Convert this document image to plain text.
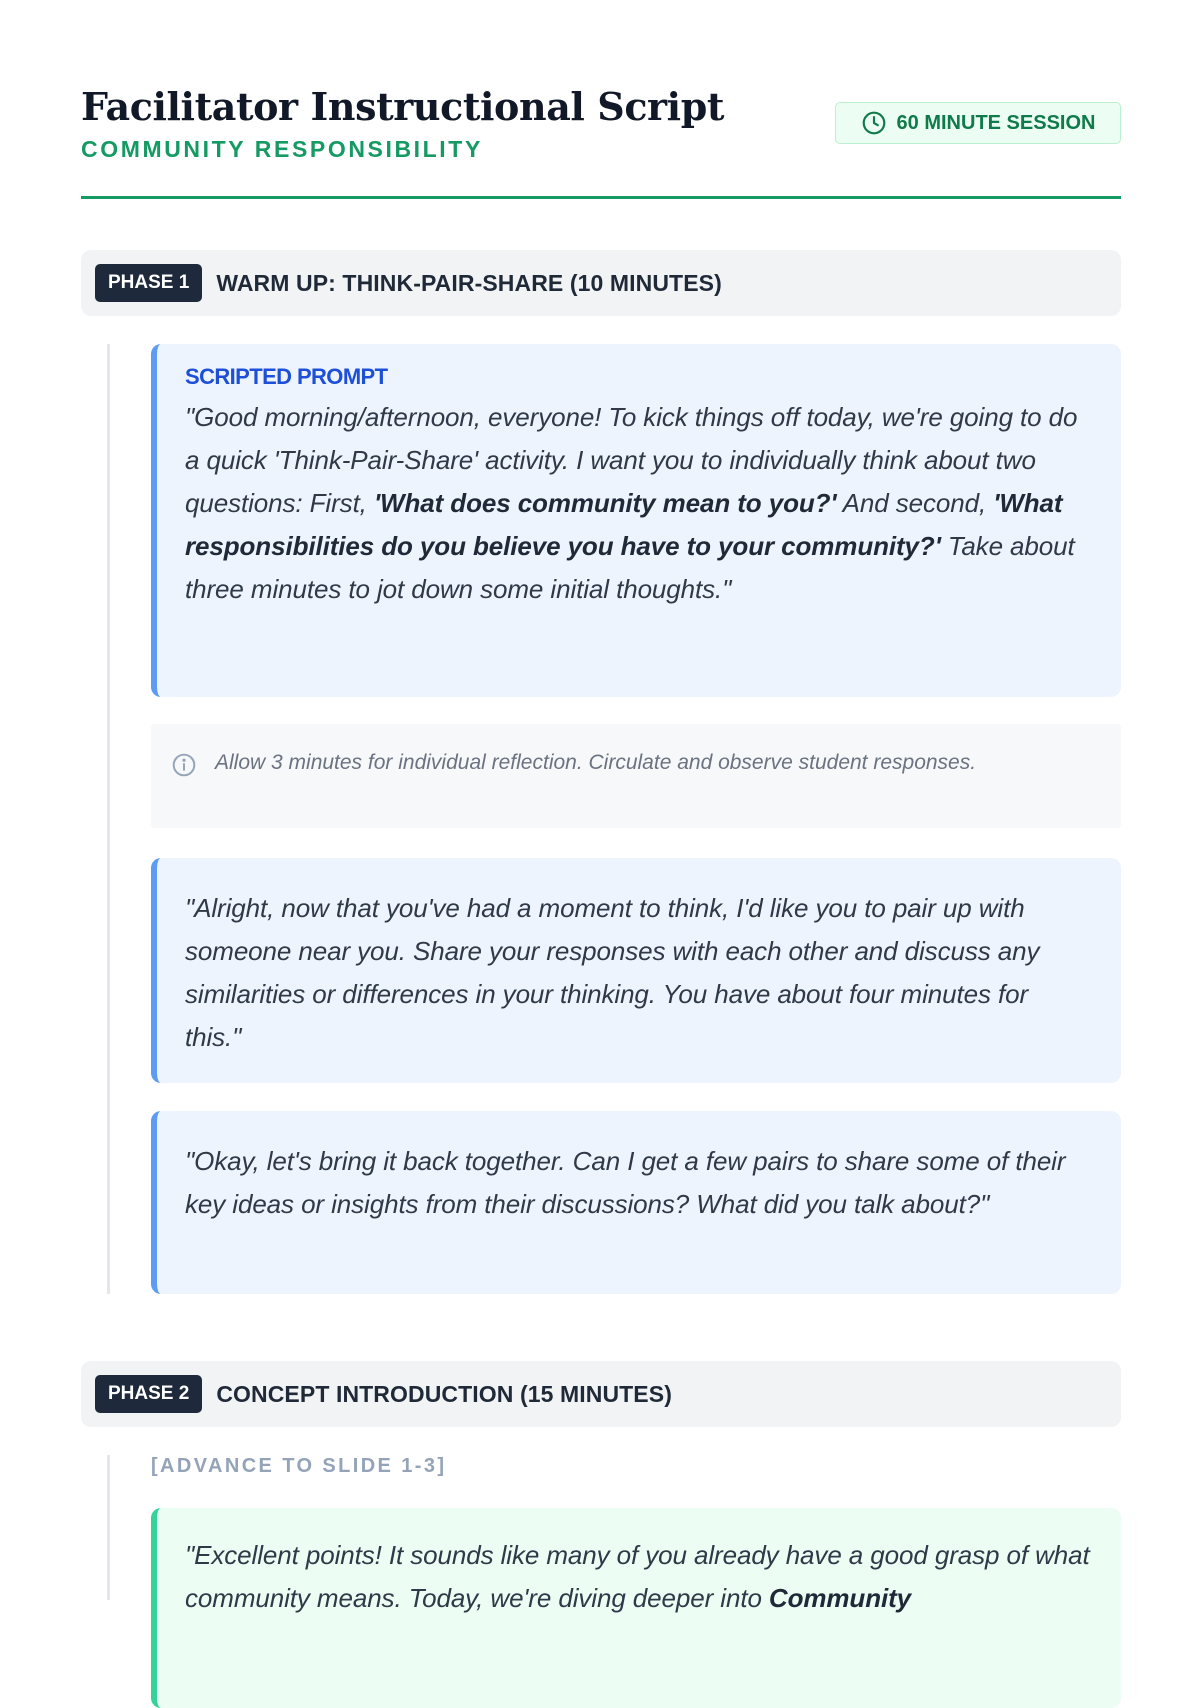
Facilitator Instructional Script
COMMUNITY RESPONSIBILITY
60 MINUTE SESSION
PHASE 1	WARM UP: THINK-PAIR-SHARE (10 MINUTES)
SCRIPTED PROMPT
"Good morning/afternoon, everyone! To kick things off today, we're going to do a quick 'Think-Pair-Share' activity. I want you to individually think about two questions: First, 'What does community mean to you?' And second, 'What responsibilities do you believe you have to your community?' Take about three minutes to jot down some initial thoughts."
Allow 3 minutes for individual reflection. Circulate and observe student responses.
"Alright, now that you've had a moment to think, I'd like you to pair up with someone near you. Share your responses with each other and discuss any similarities or differences in your thinking. You have about four minutes for this."
"Okay, let's bring it back together. Can I get a few pairs to share some of their key ideas or insights from their discussions? What did you talk about?"
PHASE 2	CONCEPT INTRODUCTION (15 MINUTES)
[ADVANCE TO SLIDE 1-3]
"Excellent points! It sounds like many of you already have a good grasp of what community means. Today, we're diving deeper into Community
